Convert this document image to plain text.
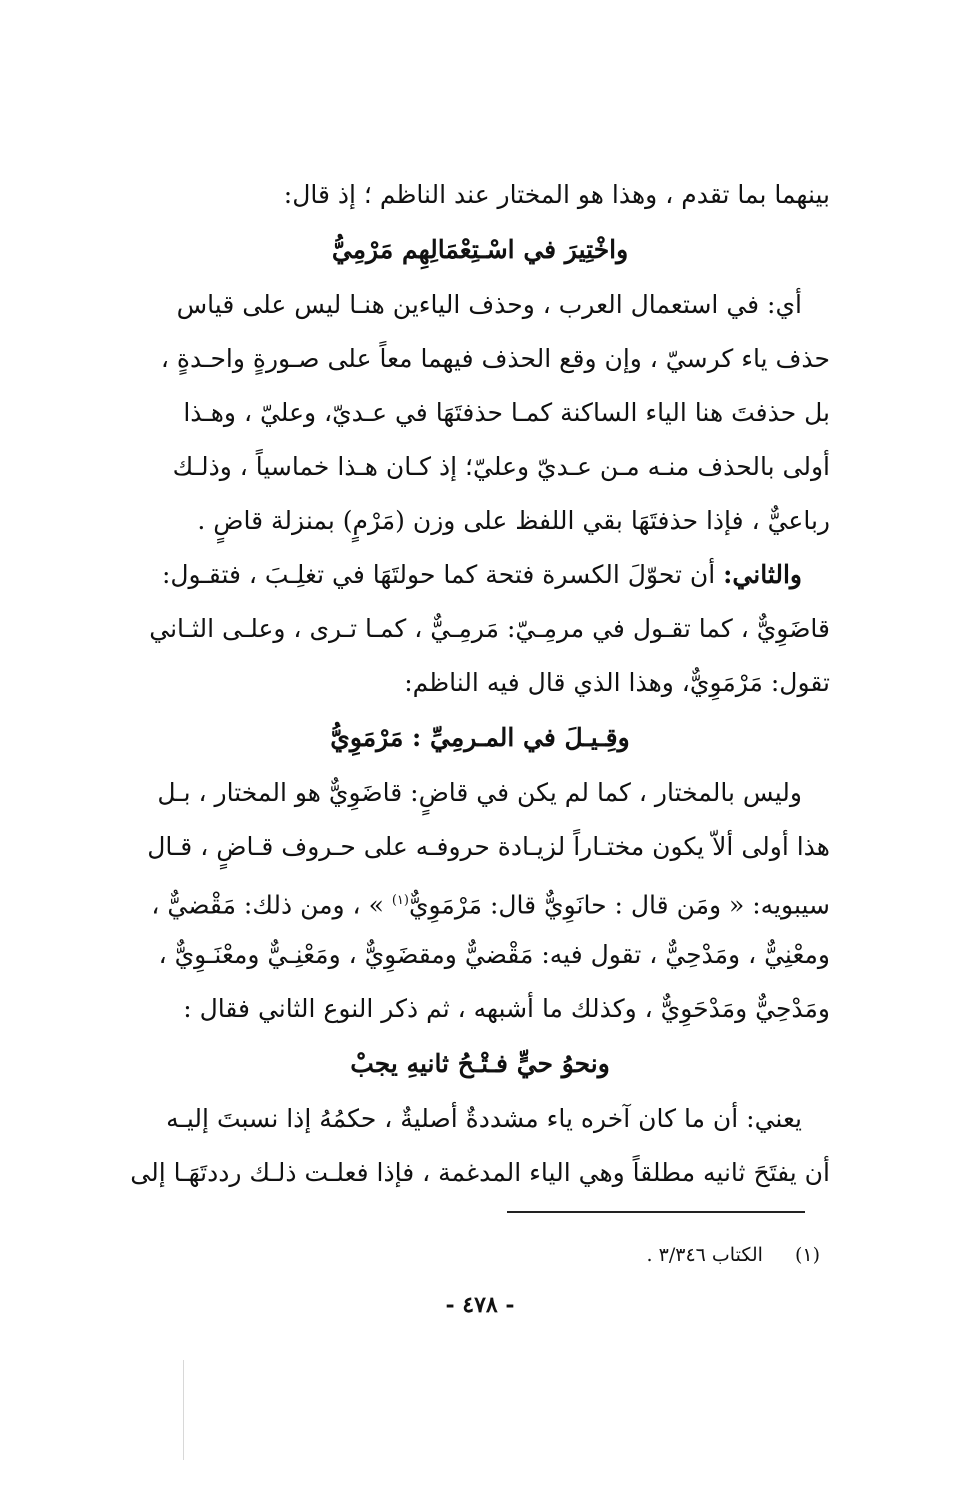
بينهما بما تقدم ، وهذا هو المختار عند الناظم ؛ إذ قال:
واخْتِيرَ في اسْـتِعْمَالِهِم مَرْمِيُّ
أي: في استعمال العرب ، وحذف الياءين هنـا ليس على قياس
حذف ياء كرسيّ ، وإن وقع الحذف فيهما معاً على صـورةٍ واحـدةٍ ،
بل حذفتَ هنا الياء الساكنة كمـا حذفتَهَا في عـديّ، وعليّ ، وهـذا
أولى بالحذف منـه مـن عـديّ وعليّ؛ إذ كـان هـذا خماسياً ، وذلـك
رباعيٌّ ، فإذا حذفتَهَا بقي اللفظ على وزن (مَرْمٍ) بمنزلة قاضٍ .
والثاني: أن تحوّلَ الكسرة فتحة كما حولتَهَا في تغلِـبَ ، فتقـول:
قاضَوِيٌّ ، كما تقـول في مرمِـيّ: مَرمِـيٌّ ، كمـا تـرى ، وعلـى الثـاني
تقول: مَرْمَوِيٌّ، وهذا الذي قال فيه الناظم:
وقِـيـلَ في المـرمِيِّ : مَرْمَوِيُّ
وليس بالمختار ، كما لم يكن في قاضٍ: قاضَوِيٌّ هو المختار ، بـل
هذا أولى ألاّ يكون مختـاراً لزيـادة حروفـه على حـروف قـاضٍ ، قـال
سيبويه: « ومَن قال : حانَوِيٌّ قال: مَرْمَوِيٌّ$^{(١)}$ » ، ومن ذلك: مَقْضيٌّ ،
ومعْنِيٌّ ، ومَدْحِيٌّ ، تقول فيه: مَقْضيٌّ ومقضَوِيٌّ ، ومَعْنِـيٌّ ومعْنَـوِيٌّ ،
ومَدْحِيٌّ ومَدْحَوِيٌّ ، وكذلك ما أشبهه ، ثم ذكر النوع الثاني فقال :
ونحوُ حيٍّ فـتْـحُ ثانيهِ يجبْ
يعني: أن ما كان آخره ياء مشددةٌ أصليةٌ ، حكمُهُ إذا نسبتَ إليـه
أن يفتَحَ ثانيه مطلقاً وهي الياء المدغمة ، فإذا فعلـت ذلـك رددتَهَـا إلى
(١) الكتاب ٣/٣٤٦ .
- ٤٧٨ -
